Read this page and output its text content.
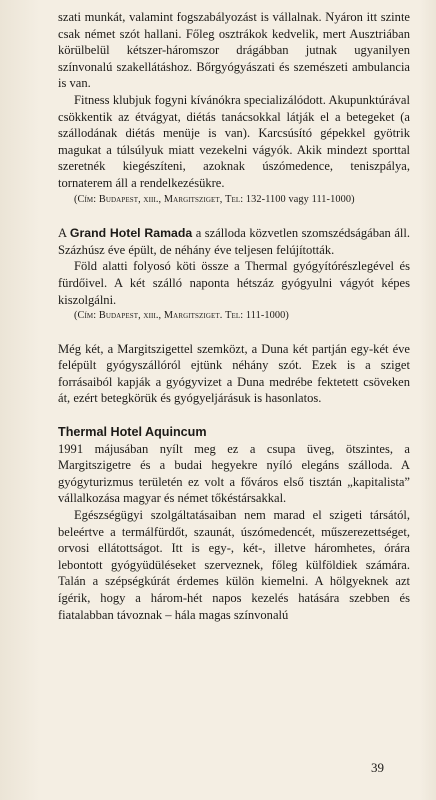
szati munkát, valamint fogszabályozást is vállalnak. Nyáron itt szinte csak német szót hallani. Főleg osztrákok kedvelik, mert Ausztriában körülbelül kétszer-háromszor drágábban jutnak ugyanilyen színvonalú szakellátáshoz. Bőrgyógyászati és szemészeti ambulancia is van.

Fitness klubjuk fogyni kívánókra specializálódott. Akupunktúrával csökkentik az étvágyat, diétás tanácsokkal látják el a betegeket (a szállodának diétás menüje is van). Karcsúsító gépekkel gyötrik magukat a túlsúlyuk miatt vezekelni vágyók. Akik mindezt sporttal szeretnék kiegészíteni, azoknak úszómedence, teniszpálya, tornaterem áll a rendelkezésükre.

(Cím: Budapest, xiii., Margitsziget, Tel: 132-1100 vagy 111-1000)

A Grand Hotel Ramada a szálloda közvetlen szomszédságában áll. Százhúsz éve épült, de néhány éve teljesen felújították.

Föld alatti folyosó köti össze a Thermal gyógyítórészlegével és fürdőivel. A két szálló naponta hétszáz gyógyulni vágyót képes kiszolgálni.

(Cím: Budapest, xiii., Margitsziget. Tel: 111-1000)

Még két, a Margitszigettel szemközt, a Duna két partján egy-két éve felépült gyógyszállóról ejtünk néhány szót. Ezek is a sziget forrásaiból kapják a gyógyvizet a Duna medrébe fektetett csöveken át, ezért betegkörük és gyógyeljárásuk is hasonlatos.

Thermal Hotel Aquincum

1991 májusában nyílt meg ez a csupa üveg, ötszintes, a Margitszigetre és a budai hegyekre nyíló elegáns szálloda. A gyógyturizmus területén ez volt a főváros első tisztán „kapitalista” vállalkozása magyar és német tőkéstársakkal.

Egészségügyi szolgáltatásaiban nem marad el szigeti társától, beleértve a termálfürdőt, szaunát, úszómedencét, műszerezettséget, orvosi ellátottságot. Itt is egy-, két-, illetve háromhetes, órára lebontott gyógyüdüléseket szerveznek, főleg külföldiek számára. Talán a szépségkúrát érdemes külön kiemelni. A hölgyeknek azt ígérik, hogy a három-hét napos kezelés hatására szebben és fiatalabban távoznak – hála magas színvonalú

39
